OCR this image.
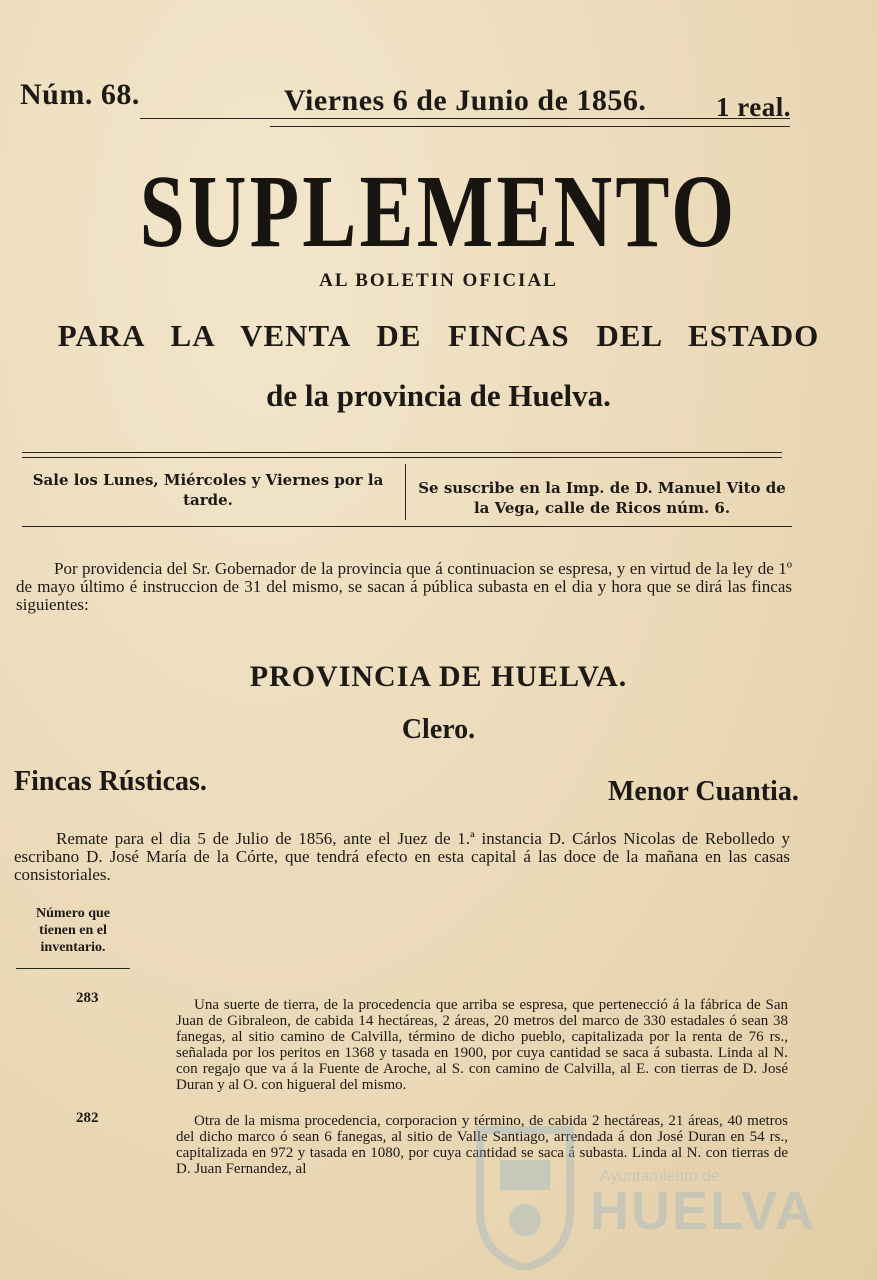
Núm. 68.	Viernes 6 de Junio de 1856.	1 real.
SUPLEMENTO
AL BOLETIN OFICIAL
PARA LA VENTA DE FINCAS DEL ESTADO
de la provincia de Huelva.
Sale los Lunes, Miércoles y Viernes por la tarde.
Se suscribe en la Imp. de D. Manuel Vito de la Vega, calle de Ricos núm. 6.
Por providencia del Sr. Gobernador de la provincia que á continuacion se espresa, y en virtud de la ley de 1º de mayo último é instruccion de 31 del mismo, se sacan á pública subasta en el dia y hora que se dirá las fincas siguientes:
PROVINCIA DE HUELVA.
Clero.
Fincas Rústicas.	Menor Cuantia.
Remate para el dia 5 de Julio de 1856, ante el Juez de 1.ª instancia D. Cárlos Nicolas de Rebolledo y escribano D. José María de la Córte, que tendrá efecto en esta capital á las doce de la mañana en las casas consistoriales.
Número que tienen en el inventario.
283	Una suerte de tierra, de la procedencia que arriba se espresa, que pertenecció á la fábrica de San Juan de Gibraleon, de cabida 14 hectáreas, 2 áreas, 20 metros del marco de 330 estadales ó sean 38 fanegas, al sitio camino de Calvilla, término de dicho pueblo, capitalizada por la renta de 76 rs., señalada por los peritos en 1368 y tasada en 1900, por cuya cantidad se saca á subasta. Linda al N. con regajo que va á la Fuente de Aroche, al S. con camino de Calvilla, al E. con tierras de D. José Duran y al O. con higueral del mismo.
282	Otra de la misma procedencia, corporacion y término, de cabida 2 hectáreas, 21 áreas, 40 metros del dicho marco ó sean 6 fanegas, al sitio de Valle Santiago, arrendada á don José Duran en 54 rs., capitalizada en 972 y tasada en 1080, por cuya cantidad se saca á subasta. Linda al N. con tierras de D. Juan Fernandez, al	Ayuntamiento de
HUELVA
